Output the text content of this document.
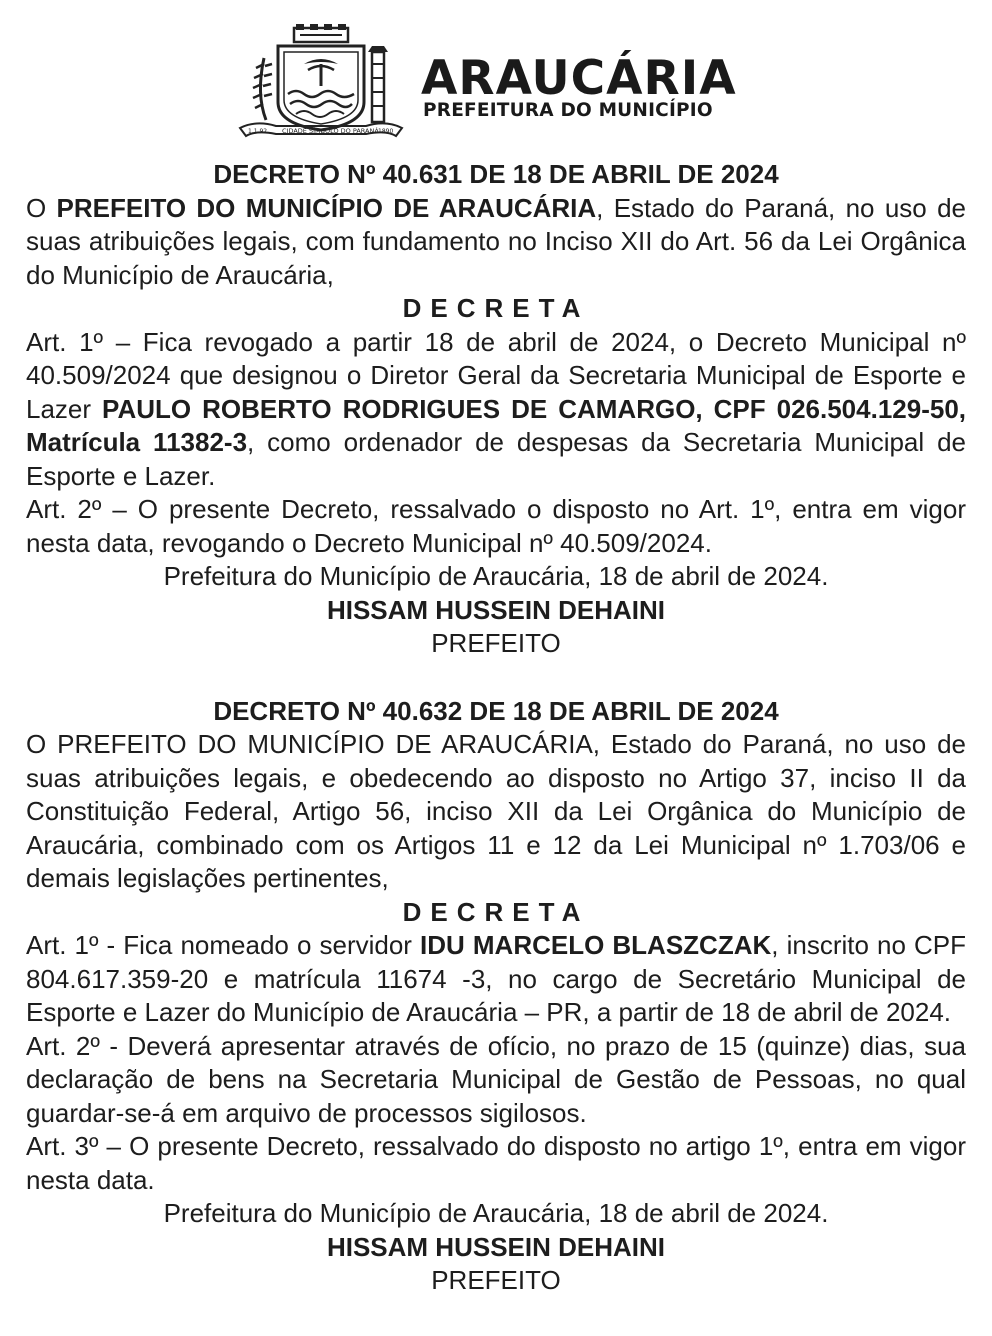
1.1.92 CIDADE SÍMBOLO DO PARANÁ 1890
ARAUCÁRIA
PREFEITURA DO MUNICÍPIO

DECRETO Nº 40.631 DE 18 DE ABRIL DE 2024

O PREFEITO DO MUNICÍPIO DE ARAUCÁRIA, Estado do Paraná, no uso de suas atribuições legais, com fundamento no Inciso XII do Art. 56 da Lei Orgânica do Município de Araucária,

DECRETA

Art. 1º – Fica revogado a partir 18 de abril de 2024, o Decreto Municipal nº 40.509/2024 que designou o Diretor Geral da Secretaria Municipal de Esporte e Lazer PAULO ROBERTO RODRIGUES DE CAMARGO, CPF 026.504.129-50, Matrícula 11382-3, como ordenador de despesas da Secretaria Municipal de Esporte e Lazer.

Art. 2º – O presente Decreto, ressalvado o disposto no Art. 1º, entra em vigor nesta data, revogando o Decreto Municipal nº 40.509/2024.

Prefeitura do Município de Araucária, 18 de abril de 2024.

HISSAM HUSSEIN DEHAINI

PREFEITO

DECRETO Nº 40.632 DE 18 DE ABRIL DE 2024

O PREFEITO DO MUNICÍPIO DE ARAUCÁRIA, Estado do Paraná, no uso de suas atribuições legais, e obedecendo ao disposto no Artigo 37, inciso II da Constituição Federal, Artigo 56, inciso XII da Lei Orgânica do Município de Araucária, combinado com os Artigos 11 e 12 da Lei Municipal nº 1.703/06 e demais legislações pertinentes,

DECRETA

Art. 1º - Fica nomeado o servidor IDU MARCELO BLASZCZAK, inscrito no CPF 804.617.359-20 e matrícula 11674 -3, no cargo de Secretário Municipal de Esporte e Lazer do Município de Araucária – PR, a partir de 18 de abril de 2024.

Art. 2º - Deverá apresentar através de ofício, no prazo de 15 (quinze) dias, sua declaração de bens na Secretaria Municipal de Gestão de Pessoas, no qual guardar-se-á em arquivo de processos sigilosos.

Art. 3º – O presente Decreto, ressalvado do disposto no artigo 1º, entra em vigor nesta data.

Prefeitura do Município de Araucária, 18 de abril de 2024.

HISSAM HUSSEIN DEHAINI

PREFEITO
